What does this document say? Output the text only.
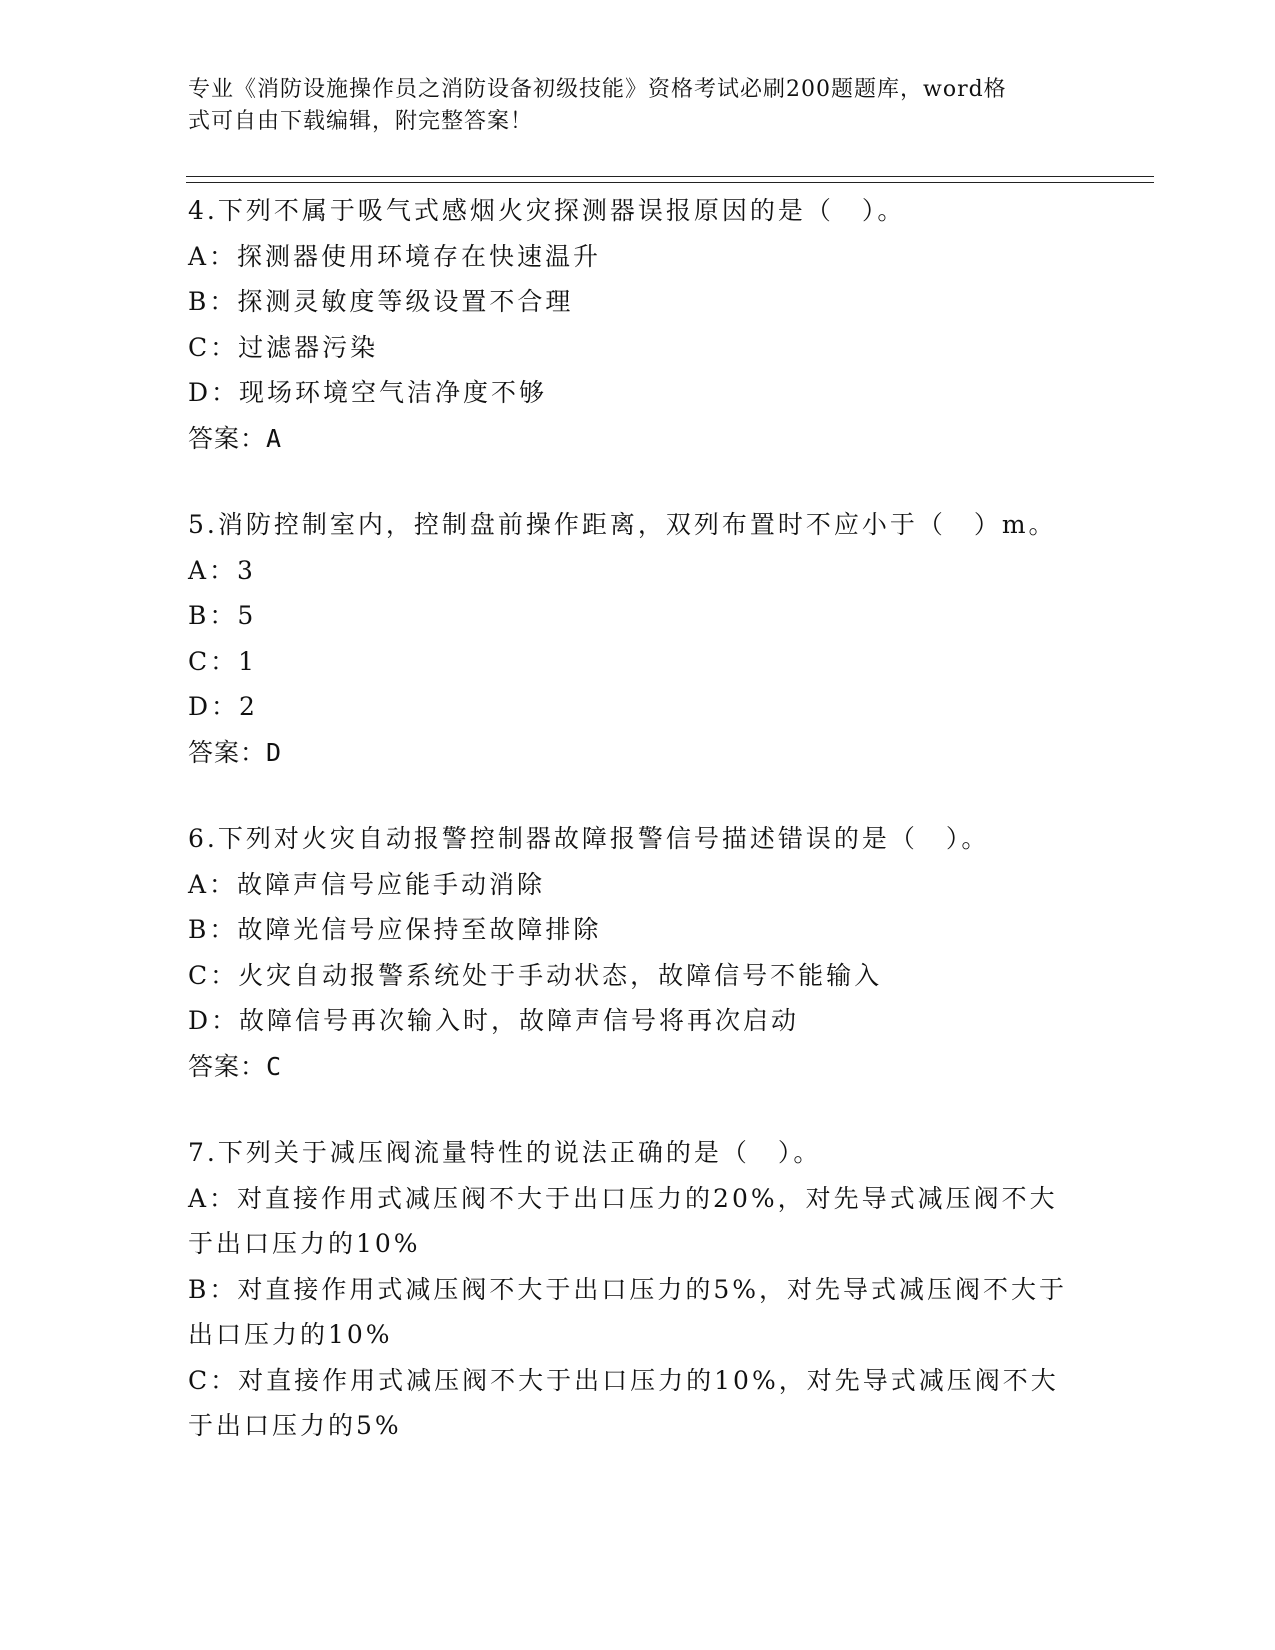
专业《消防设施操作员之消防设备初级技能》资格考试必刷200题题库，word格
式可自由下载编辑，附完整答案！
4.下列不属于吸气式感烟火灾探测器误报原因的是（　）。
A：探测器使用环境存在快速温升
B：探测灵敏度等级设置不合理
C：过滤器污染
D：现场环境空气洁净度不够
答案：A
5.消防控制室内，控制盘前操作距离，双列布置时不应小于（　）m。
A：3
B：5
C：1
D：2
答案：D
6.下列对火灾自动报警控制器故障报警信号描述错误的是（　）。
A：故障声信号应能手动消除
B：故障光信号应保持至故障排除
C：火灾自动报警系统处于手动状态，故障信号不能输入
D：故障信号再次输入时，故障声信号将再次启动
答案：C
7.下列关于减压阀流量特性的说法正确的是（　）。
A：对直接作用式减压阀不大于出口压力的20%，对先导式减压阀不大于出口压力的10%
B：对直接作用式减压阀不大于出口压力的5%，对先导式减压阀不大于出口压力的10%
C：对直接作用式减压阀不大于出口压力的10%，对先导式减压阀不大于出口压力的5%
